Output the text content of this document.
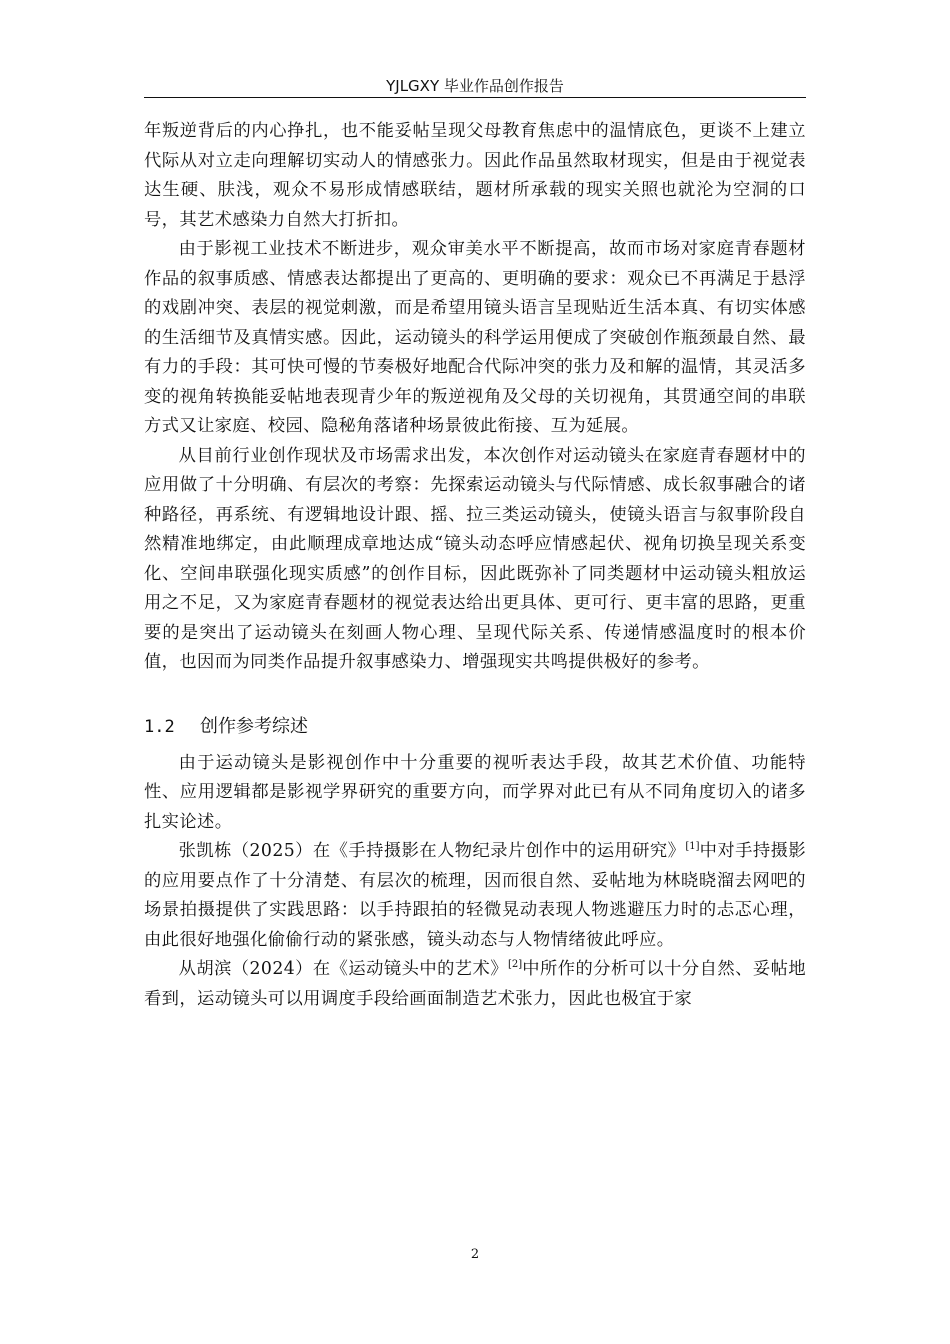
YJLGXY 毕业作品创作报告

年叛逆背后的内心挣扎，也不能妥帖呈现父母教育焦虑中的温情底色，更谈不上建立代际从对立走向理解切实动人的情感张力。因此作品虽然取材现实，但是由于视觉表达生硬、肤浅，观众不易形成情感联结，题材所承载的现实关照也就沦为空洞的口号，其艺术感染力自然大打折扣。

由于影视工业技术不断进步，观众审美水平不断提高，故而市场对家庭青春题材作品的叙事质感、情感表达都提出了更高的、更明确的要求：观众已不再满足于悬浮的戏剧冲突、表层的视觉刺激，而是希望用镜头语言呈现贴近生活本真、有切实体感的生活细节及真情实感。因此，运动镜头的科学运用便成了突破创作瓶颈最自然、最有力的手段：其可快可慢的节奏极好地配合代际冲突的张力及和解的温情，其灵活多变的视角转换能妥帖地表现青少年的叛逆视角及父母的关切视角，其贯通空间的串联方式又让家庭、校园、隐秘角落诸种场景彼此衔接、互为延展。

从目前行业创作现状及市场需求出发，本次创作对运动镜头在家庭青春题材中的应用做了十分明确、有层次的考察：先探索运动镜头与代际情感、成长叙事融合的诸种路径，再系统、有逻辑地设计跟、摇、拉三类运动镜头，使镜头语言与叙事阶段自然精准地绑定，由此顺理成章地达成“镜头动态呼应情感起伏、视角切换呈现关系变化、空间串联强化现实质感”的创作目标，因此既弥补了同类题材中运动镜头粗放运用之不足，又为家庭青春题材的视觉表达给出更具体、更可行、更丰富的思路，更重要的是突出了运动镜头在刻画人物心理、呈现代际关系、传递情感温度时的根本价值，也因而为同类作品提升叙事感染力、增强现实共鸣提供极好的参考。

1.2 创作参考综述

由于运动镜头是影视创作中十分重要的视听表达手段，故其艺术价值、功能特性、应用逻辑都是影视学界研究的重要方向，而学界对此已有从不同角度切入的诸多扎实论述。

张凯栋（2025）在《手持摄影在人物纪录片创作中的运用研究》[1]中对手持摄影的应用要点作了十分清楚、有层次的梳理，因而很自然、妥帖地为林晓晓溜去网吧的场景拍摄提供了实践思路：以手持跟拍的轻微晃动表现人物逃避压力时的忐忑心理，由此很好地强化偷偷行动的紧张感，镜头动态与人物情绪彼此呼应。

从胡滨（2024）在《运动镜头中的艺术》[2]中所作的分析可以十分自然、妥帖地看到，运动镜头可以用调度手段给画面制造艺术张力，因此也极宜于家

2
